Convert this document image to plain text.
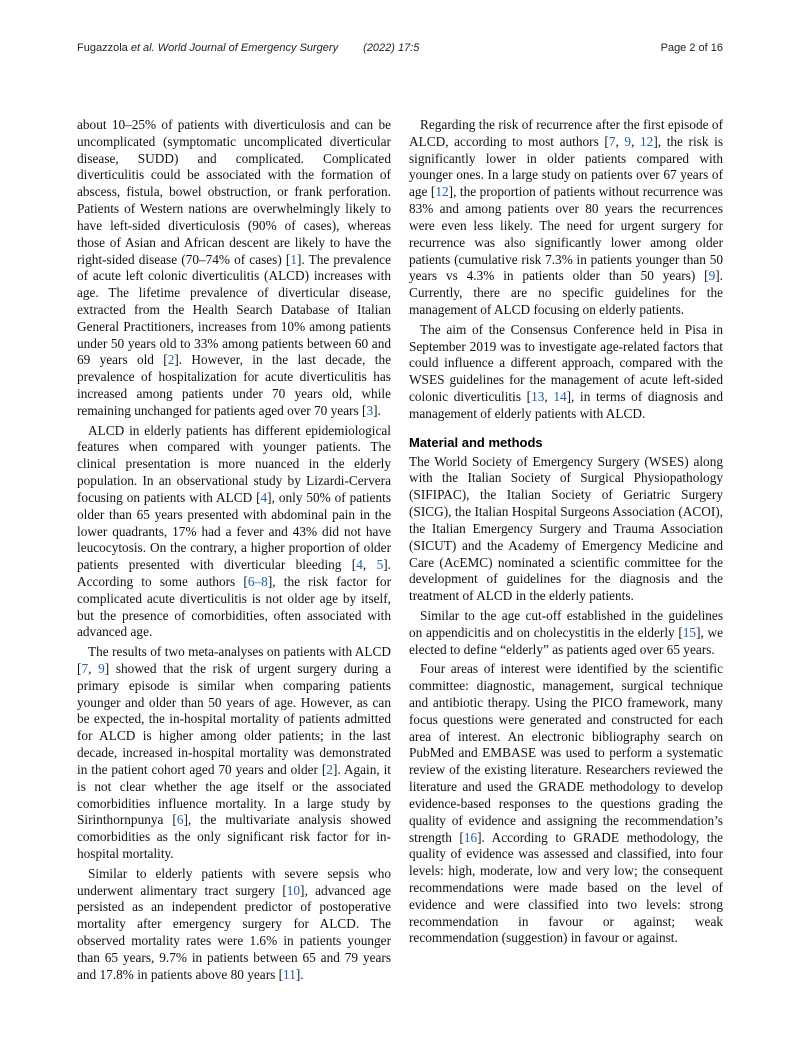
Fugazzola et al. World Journal of Emergency Surgery (2022) 17:5	Page 2 of 16

about 10–25% of patients with diverticulosis and can be uncomplicated (symptomatic uncomplicated diverticular disease, SUDD) and complicated. Complicated diverticulitis could be associated with the formation of abscess, fistula, bowel obstruction, or frank perforation. Patients of Western nations are overwhelmingly likely to have left-sided diverticulosis (90% of cases), whereas those of Asian and African descent are likely to have the right-sided disease (70–74% of cases) [1]. The prevalence of acute left colonic diverticulitis (ALCD) increases with age. The lifetime prevalence of diverticular disease, extracted from the Health Search Database of Italian General Practitioners, increases from 10% among patients under 50 years old to 33% among patients between 60 and 69 years old [2]. However, in the last decade, the prevalence of hospitalization for acute diverticulitis has increased among patients under 70 years old, while remaining unchanged for patients aged over 70 years [3].

ALCD in elderly patients has different epidemiological features when compared with younger patients. The clinical presentation is more nuanced in the elderly population. In an observational study by Lizardi-Cervera focusing on patients with ALCD [4], only 50% of patients older than 65 years presented with abdominal pain in the lower quadrants, 17% had a fever and 43% did not have leucocytosis. On the contrary, a higher proportion of older patients presented with diverticular bleeding [4, 5]. According to some authors [6–8], the risk factor for complicated acute diverticulitis is not older age by itself, but the presence of comorbidities, often associated with advanced age.

The results of two meta-analyses on patients with ALCD [7, 9] showed that the risk of urgent surgery during a primary episode is similar when comparing patients younger and older than 50 years of age. However, as can be expected, the in-hospital mortality of patients admitted for ALCD is higher among older patients; in the last decade, increased in-hospital mortality was demonstrated in the patient cohort aged 70 years and older [2]. Again, it is not clear whether the age itself or the associated comorbidities influence mortality. In a large study by Sirinthornpunya [6], the multivariate analysis showed comorbidities as the only significant risk factor for in-hospital mortality.

Similar to elderly patients with severe sepsis who underwent alimentary tract surgery [10], advanced age persisted as an independent predictor of postoperative mortality after emergency surgery for ALCD. The observed mortality rates were 1.6% in patients younger than 65 years, 9.7% in patients between 65 and 79 years and 17.8% in patients above 80 years [11].

Regarding the risk of recurrence after the first episode of ALCD, according to most authors [7, 9, 12], the risk is significantly lower in older patients compared with younger ones. In a large study on patients over 67 years of age [12], the proportion of patients without recurrence was 83% and among patients over 80 years the recurrences were even less likely. The need for urgent surgery for recurrence was also significantly lower among older patients (cumulative risk 7.3% in patients younger than 50 years vs 4.3% in patients older than 50 years) [9]. Currently, there are no specific guidelines for the management of ALCD focusing on elderly patients.

The aim of the Consensus Conference held in Pisa in September 2019 was to investigate age-related factors that could influence a different approach, compared with the WSES guidelines for the management of acute left-sided colonic diverticulitis [13, 14], in terms of diagnosis and management of elderly patients with ALCD.

Material and methods

The World Society of Emergency Surgery (WSES) along with the Italian Society of Surgical Physiopathology (SIFIPAC), the Italian Society of Geriatric Surgery (SICG), the Italian Hospital Surgeons Association (ACOI), the Italian Emergency Surgery and Trauma Association (SICUT) and the Academy of Emergency Medicine and Care (AcEMC) nominated a scientific committee for the development of guidelines for the diagnosis and the treatment of ALCD in the elderly patients.

Similar to the age cut-off established in the guidelines on appendicitis and on cholecystitis in the elderly [15], we elected to define “elderly” as patients aged over 65 years.

Four areas of interest were identified by the scientific committee: diagnostic, management, surgical technique and antibiotic therapy. Using the PICO framework, many focus questions were generated and constructed for each area of interest. An electronic bibliography search on PubMed and EMBASE was used to perform a systematic review of the existing literature. Researchers reviewed the literature and used the GRADE methodology to develop evidence-based responses to the questions grading the quality of evidence and assigning the recommendation’s strength [16]. According to GRADE methodology, the quality of evidence was assessed and classified, into four levels: high, moderate, low and very low; the consequent recommendations were made based on the level of evidence and were classified into two levels: strong recommendation in favour or against; weak recommendation (suggestion) in favour or against.
